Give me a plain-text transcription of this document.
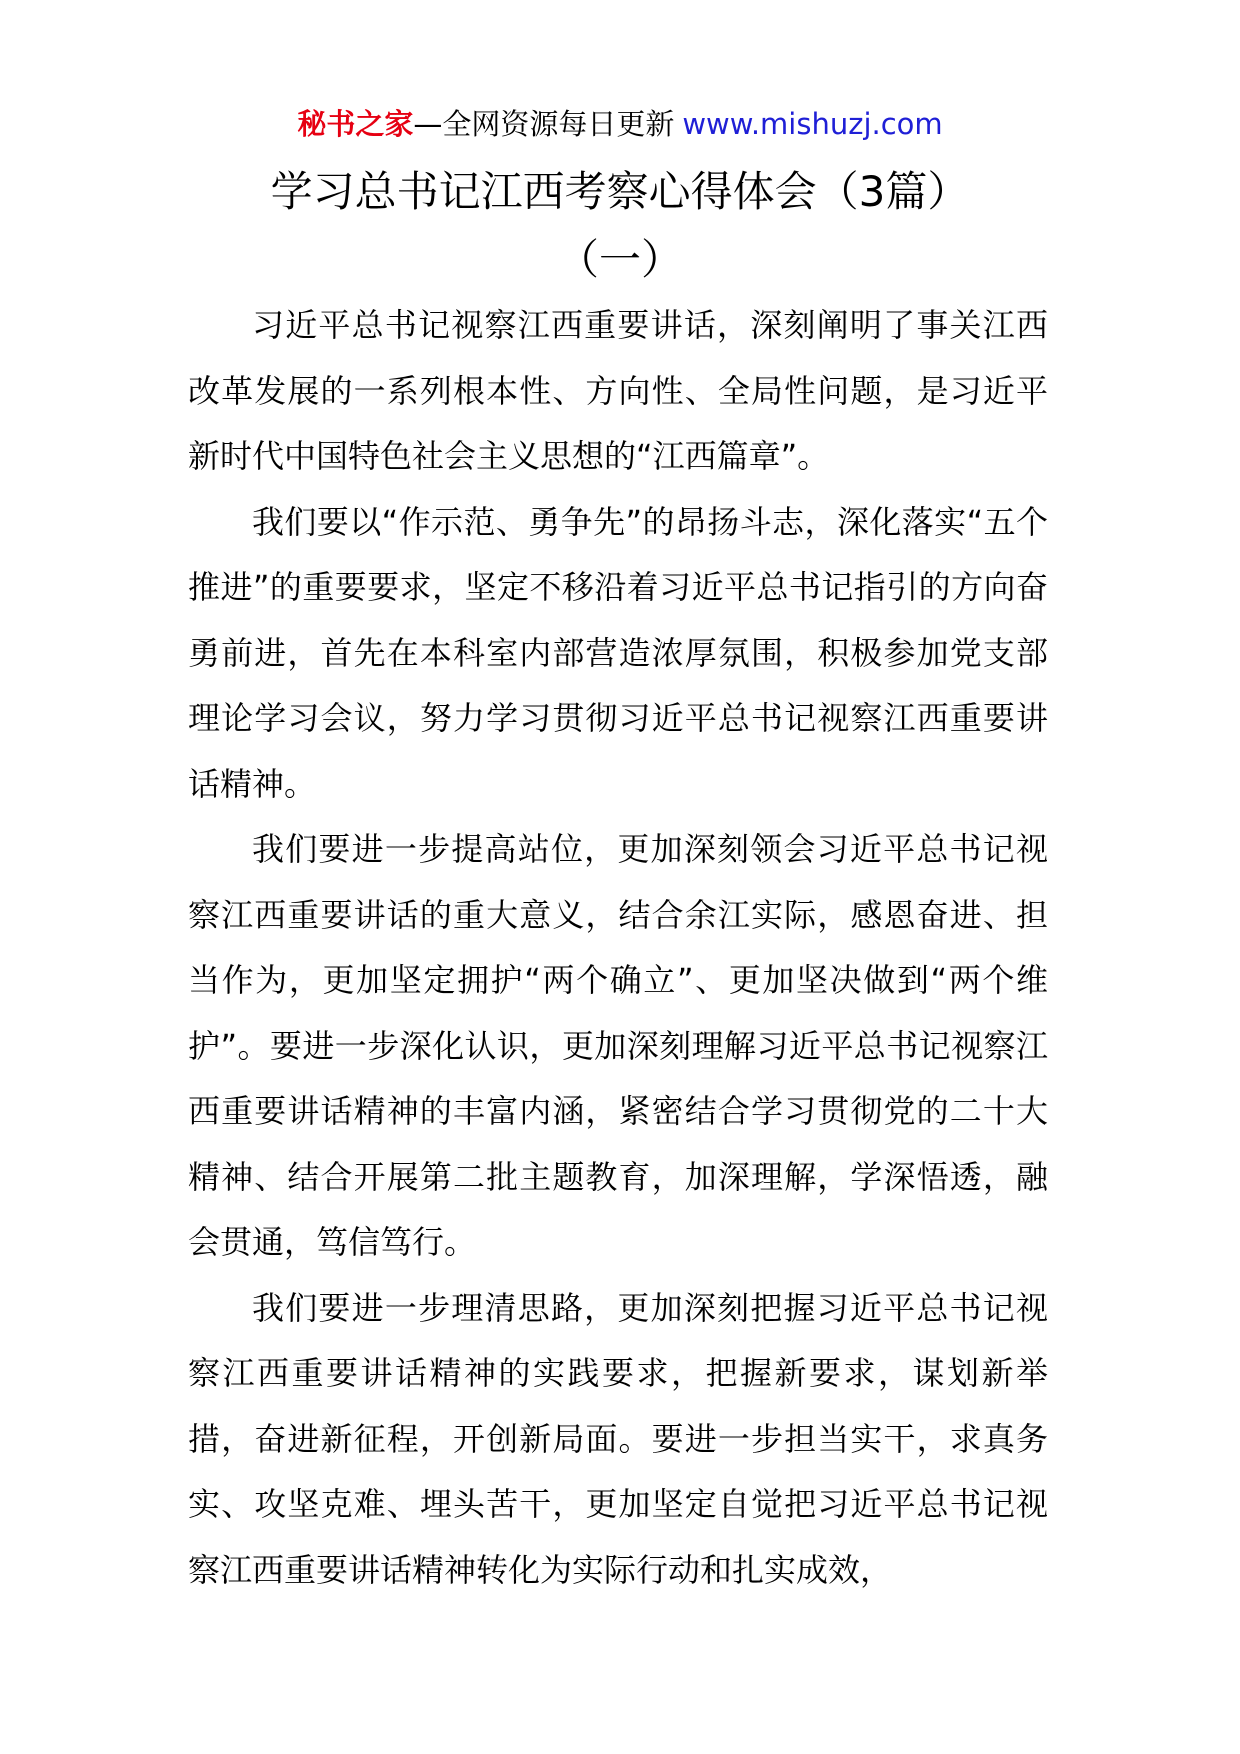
秘书之家—全网资源每日更新 www.mishuzj.com
学习总书记江西考察心得体会（3篇）
（一）

习近平总书记视察江西重要讲话，深刻阐明了事关江西改革发展的一系列根本性、方向性、全局性问题，是习近平新时代中国特色社会主义思想的“江西篇章”。

我们要以“作示范、勇争先”的昂扬斗志，深化落实“五个推进”的重要要求，坚定不移沿着习近平总书记指引的方向奋勇前进，首先在本科室内部营造浓厚氛围，积极参加党支部理论学习会议，努力学习贯彻习近平总书记视察江西重要讲话精神。

我们要进一步提高站位，更加深刻领会习近平总书记视察江西重要讲话的重大意义，结合余江实际，感恩奋进、担当作为，更加坚定拥护“两个确立”、更加坚决做到“两个维护”。要进一步深化认识，更加深刻理解习近平总书记视察江西重要讲话精神的丰富内涵，紧密结合学习贯彻党的二十大精神、结合开展第二批主题教育，加深理解，学深悟透，融会贯通，笃信笃行。

我们要进一步理清思路，更加深刻把握习近平总书记视察江西重要讲话精神的实践要求，把握新要求，谋划新举措，奋进新征程，开创新局面。要进一步担当实干，求真务实、攻坚克难、埋头苦干，更加坚定自觉把习近平总书记视察江西重要讲话精神转化为实际行动和扎实成效，
